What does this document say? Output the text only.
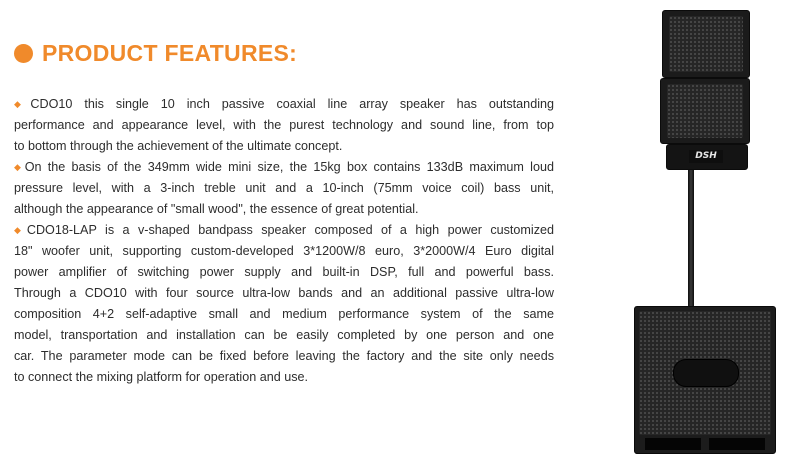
PRODUCT FEATURES:

◆CDO10 this single 10 inch passive coaxial line array speaker has outstanding

performance and appearance level, with the purest technology and sound line, from top

to bottom through the achievement of the ultimate concept.

◆On the basis of the 349mm wide mini size, the 15kg box contains 133dB maximum loud

pressure level, with a 3-inch treble unit and a 10-inch (75mm voice coil) bass unit,

although the appearance of "small wood", the essence of great potential.

◆CDO18-LAP is a v-shaped bandpass speaker composed of a high power customized

18" woofer unit, supporting custom-developed 3*1200W/8 euro, 3*2000W/4 Euro digital

power amplifier of switching power supply and built-in DSP, full and powerful bass.

Through a CDO10 with four source ultra-low bands and an additional passive ultra-low

composition 4+2 self-adaptive small and medium performance system of the same

model, transportation and installation can be easily completed by one person and one

car. The parameter mode can be fixed before leaving the factory and the site only needs

to connect the mixing platform for operation and use.

DSH
